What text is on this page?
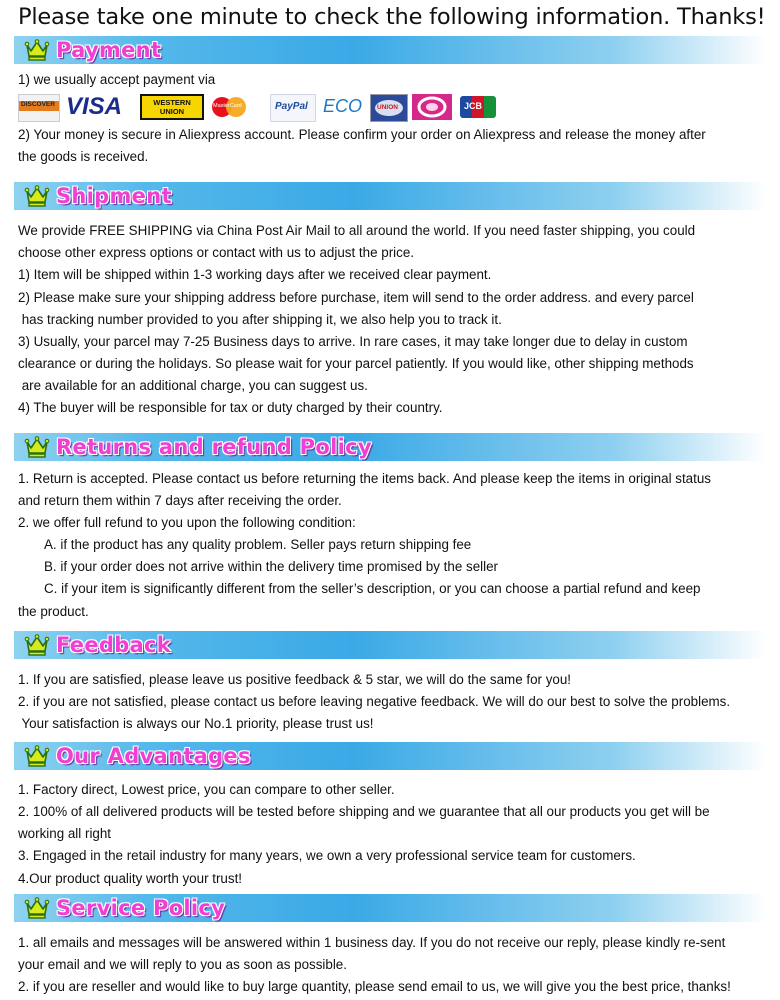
Please take one minute to check the following information. Thanks!
Payment
1) we usually accept payment via
DISCOVER VISA	WESTERN UNION
MasterCard	PayPal ECO UNION	JCB
2) Your money is secure in Aliexpress account. Please confirm your order on Aliexpress and release the money after
the goods is received.
Shipment
We provide FREE SHIPPING via China Post Air Mail to all around the world. If you need faster shipping, you could
choose other express options or contact with us to adjust the price.
1) Item will be shipped within 1-3 working days after we received clear payment.
2) Please make sure your shipping address before purchase, item will send to the order address. and every parcel
has tracking number provided to you after shipping it, we also help you to track it.
3) Usually, your parcel may 7-25 Business days to arrive. In rare cases, it may take longer due to delay in custom
clearance or during the holidays. So please wait for your parcel patiently. If you would like, other shipping methods
are available for an additional charge, you can suggest us.
4) The buyer will be responsible for tax or duty charged by their country.
Returns and refund Policy
1. Return is accepted. Please contact us before returning the items back. And please keep the items in original status
and return them within 7 days after receiving the order.
2. we offer full refund to you upon the following condition:
A. if the product has any quality problem. Seller pays return shipping fee
B. if your order does not arrive within the delivery time promised by the seller
C. if your item is significantly different from the seller’s description, or you can choose a partial refund and keep
the product.
Feedback
1. If you are satisfied, please leave us positive feedback & 5 star, we will do the same for you!
2. if you are not satisfied, please contact us before leaving negative feedback. We will do our best to solve the problems.
Your satisfaction is always our No.1 priority, please trust us!
Our Advantages
1. Factory direct, Lowest price, you can compare to other seller.
2. 100% of all delivered products will be tested before shipping and we guarantee that all our products you get will be
working all right
3. Engaged in the retail industry for many years, we own a very professional service team for customers.
4.Our product quality worth your trust!
Service Policy
1. all emails and messages will be answered within 1 business day. If you do not receive our reply, please kindly re-sent
your email and we will reply to you as soon as possible.
2. if you are reseller and would like to buy large quantity, please send email to us, we will give you the best price, thanks!
